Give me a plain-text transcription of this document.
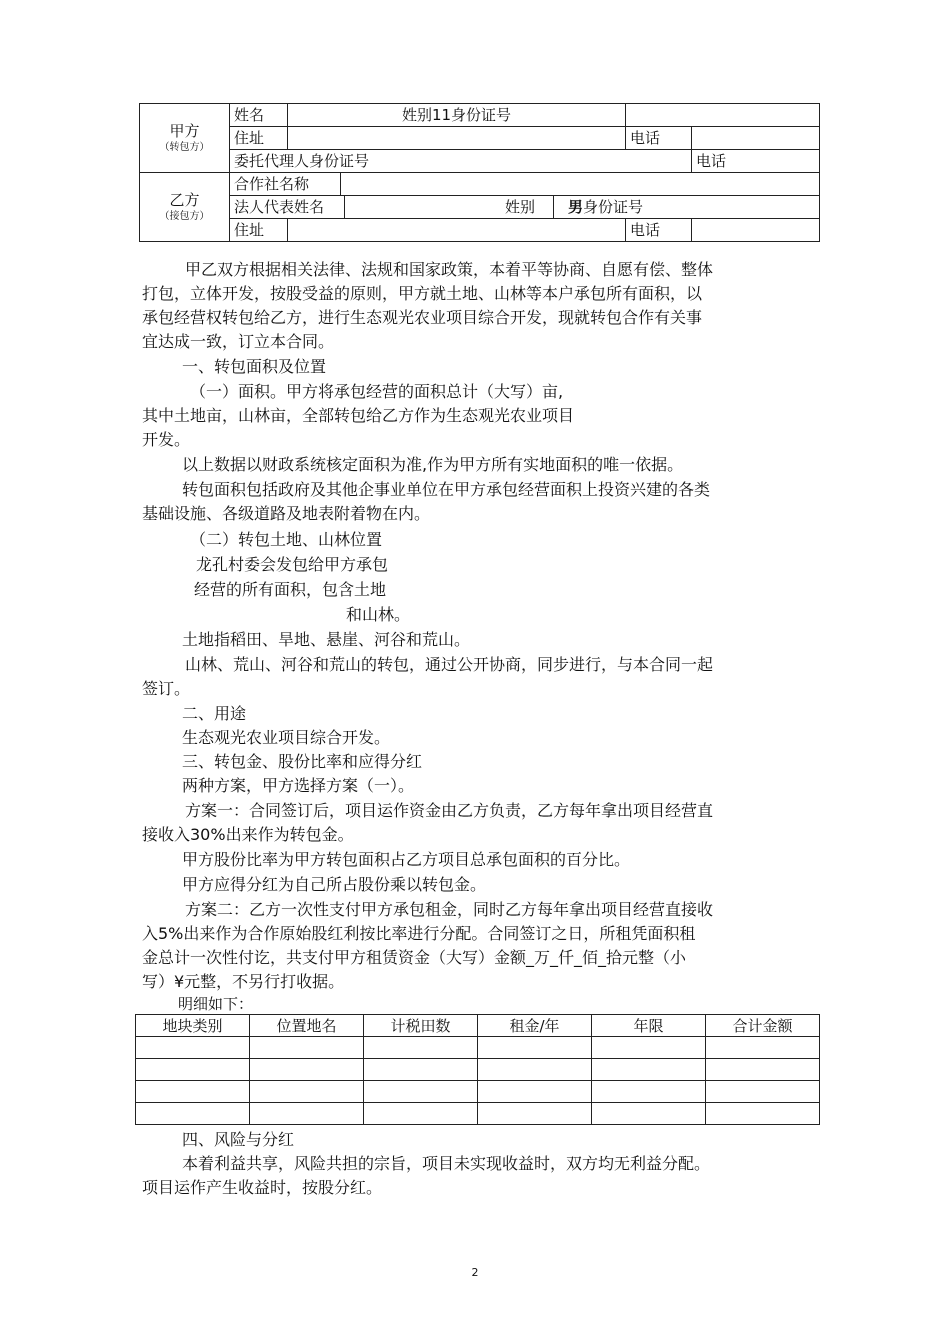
甲方
（转包方）	姓名	姓别11身份证号		
	住址		电话	
	委托代理人身份证号			电话

乙方
（接包方）	合作社名称			
	法人代表姓名 姓别 男身份证号			
	住址		电话	
甲乙双方根据相关法律、法规和国家政策，本着平等协商、自愿有偿、整体
打包，立体开发，按股受益的原则，甲方就土地、山林等本户承包所有面积，以
承包经营权转包给乙方，进行生态观光农业项目综合开发，现就转包合作有关事
宜达成一致，订立本合同。
一、转包面积及位置
（一）面积。甲方将承包经营的面积总计（大写）亩,
其中土地亩，山林亩，全部转包给乙方作为生态观光农业项目
开发。
以上数据以财政系统核定面积为准,作为甲方所有实地面积的唯一依据。
转包面积包括政府及其他企事业单位在甲方承包经营面积上投资兴建的各类
基础设施、各级道路及地表附着物在内。
（二）转包土地、山林位置
龙孔村委会发包给甲方承包
经营的所有面积，包含土地
和山林。
土地指稻田、旱地、悬崖、河谷和荒山。
山林、荒山、河谷和荒山的转包，通过公开协商，同步进行，与本合同一起
签订。
二、用途
生态观光农业项目综合开发。
三、转包金、股份比率和应得分红
两种方案，甲方选择方案（一）。
方案一：合同签订后，项目运作资金由乙方负责，乙方每年拿出项目经营直
接收入30%出来作为转包金。
甲方股份比率为甲方转包面积占乙方项目总承包面积的百分比。
甲方应得分红为自己所占股份乘以转包金。
方案二：乙方一次性支付甲方承包租金，同时乙方每年拿出项目经营直接收
入5%出来作为合作原始股红利按比率进行分配。合同签订之日，所租凭面积租
金总计一次性付讫，共支付甲方租赁资金（大写）金额_万_仟_佰_拾元整（小
写）¥元整，不另行打收据。
明细如下：
地块类别	位置地名	计税田数	租金/年	年限	合计金额

四、风险与分红
本着利益共享，风险共担的宗旨，项目未实现收益时，双方均无利益分配。
项目运作产生收益时，按股分红。
2
